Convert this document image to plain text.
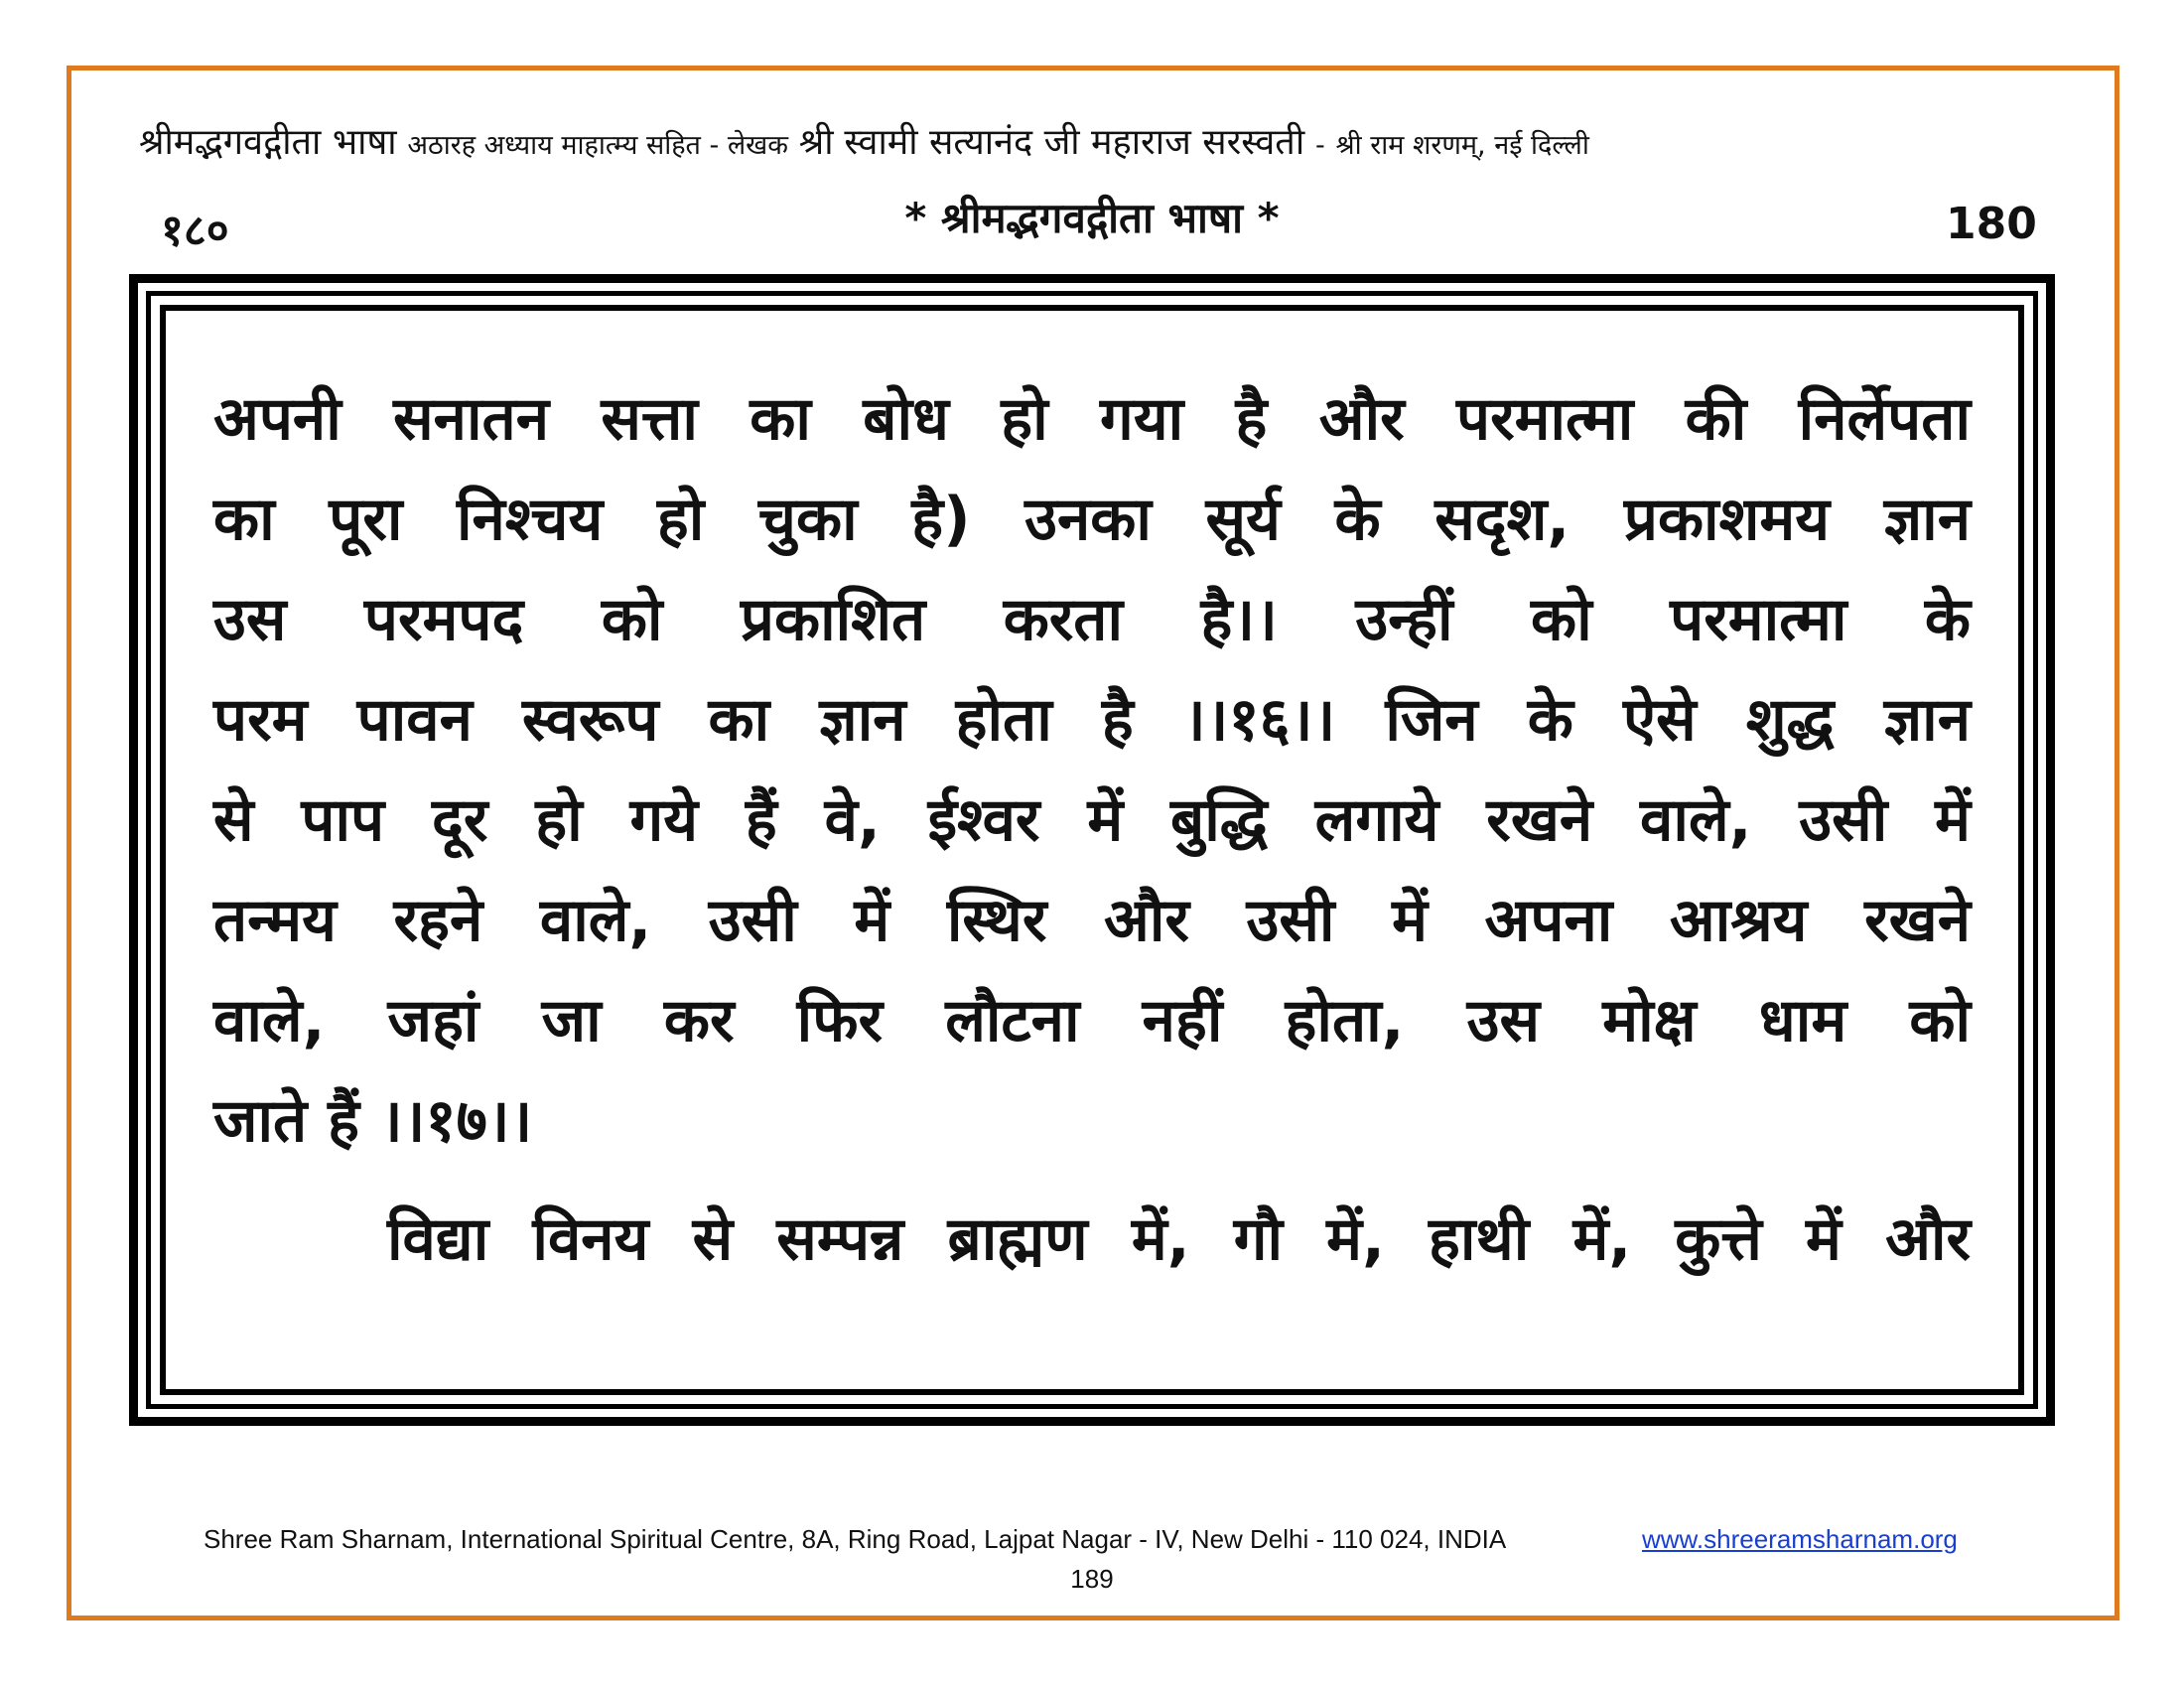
श्रीमद्भगवद्गीता भाषा अठारह अध्याय माहात्म्य सहित - लेखक श्री स्वामी सत्यानंद जी महाराज सरस्वती - श्री राम शरणम्, नई दिल्ली
१८०	* श्रीमद्भगवद्गीता भाषा *	180
अपनी सनातन सत्ता का बोध हो गया है और परमात्मा की निर्लेपता
का पूरा निश्चय हो चुका है) उनका सूर्य के सदृश, प्रकाशमय ज्ञान
उस परमपद को प्रकाशित करता है।। उन्हीं को परमात्मा के
परम पावन स्वरूप का ज्ञान होता है ।।१६।। जिन के ऐसे शुद्ध ज्ञान
से पाप दूर हो गये हैं वे, ईश्वर में बुद्धि लगाये रखने वाले, उसी में
तन्मय रहने वाले, उसी में स्थिर और उसी में अपना आश्रय रखने
वाले, जहां जा कर फिर लौटना नहीं होता, उस मोक्ष धाम को
जाते हैं ।।१७।।
विद्या विनय से सम्पन्न ब्राह्मण में, गौ में, हाथी में, कुत्ते में और
Shree Ram Sharnam, International Spiritual Centre, 8A, Ring Road, Lajpat Nagar - IV, New Delhi - 110 024, INDIA	www.shreeramsharnam.org
189
